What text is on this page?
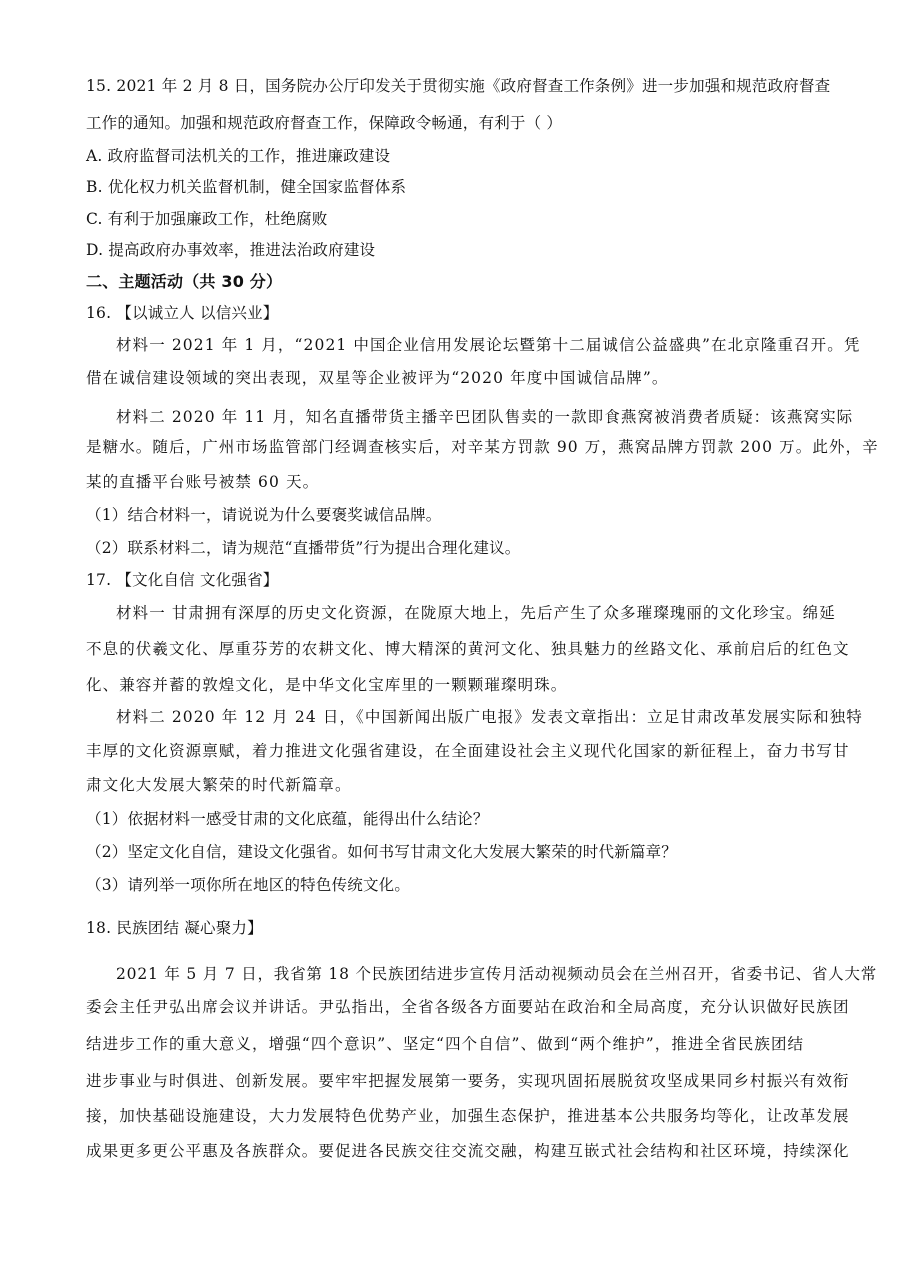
15. 2021 年 2 月 8 日，国务院办公厅印发关于贯彻实施《政府督查工作条例》进一步加强和规范政府督查
工作的通知。加强和规范政府督查工作，保障政令畅通，有利于（ ）
A. 政府监督司法机关的工作，推进廉政建设
B. 优化权力机关监督机制，健全国家监督体系
C. 有利于加强廉政工作，杜绝腐败
D. 提高政府办事效率，推进法治政府建设
二、主题活动（共 30 分）
16. 【以诚立人 以信兴业】
材料一 2021 年 1 月，“2021 中国企业信用发展论坛暨第十二届诚信公益盛典”在北京隆重召开。凭
借在诚信建设领域的突出表现，双星等企业被评为“2020 年度中国诚信品牌”。
材料二 2020 年 11 月，知名直播带货主播辛巴团队售卖的一款即食燕窝被消费者质疑：该燕窝实际
是糖水。随后，广州市场监管部门经调查核实后，对辛某方罚款 90 万，燕窝品牌方罚款 200 万。此外，辛
某的直播平台账号被禁 60 天。
（1）结合材料一，请说说为什么要褒奖诚信品牌。
（2）联系材料二，请为规范“直播带货”行为提出合理化建议。
17. 【文化自信 文化强省】
材料一 甘肃拥有深厚的历史文化资源，在陇原大地上，先后产生了众多璀璨瑰丽的文化珍宝。绵延
不息的伏羲文化、厚重芬芳的农耕文化、博大精深的黄河文化、独具魅力的丝路文化、承前启后的红色文
化、兼容并蓄的敦煌文化，是中华文化宝库里的一颗颗璀璨明珠。
材料二 2020 年 12 月 24 日，《中国新闻出版广电报》发表文章指出：立足甘肃改革发展实际和独特
丰厚的文化资源禀赋，着力推进文化强省建设，在全面建设社会主义现代化国家的新征程上，奋力书写甘
肃文化大发展大繁荣的时代新篇章。
（1）依据材料一感受甘肃的文化底蕴，能得出什么结论？
（2）坚定文化自信，建设文化强省。如何书写甘肃文化大发展大繁荣的时代新篇章？
（3）请列举一项你所在地区的特色传统文化。
18. 民族团结 凝心聚力】
2021 年 5 月 7 日，我省第 18 个民族团结进步宣传月活动视频动员会在兰州召开，省委书记、省人大常
委会主任尹弘出席会议并讲话。尹弘指出，全省各级各方面要站在政治和全局高度，充分认识做好民族团
结进步工作的重大意义，增强“四个意识”、坚定“四个自信”、做到“两个维护”，推进全省民族团结
进步事业与时俱进、创新发展。要牢牢把握发展第一要务，实现巩固拓展脱贫攻坚成果同乡村振兴有效衔
接，加快基础设施建设，大力发展特色优势产业，加强生态保护，推进基本公共服务均等化，让改革发展
成果更多更公平惠及各族群众。要促进各民族交往交流交融，构建互嵌式社会结构和社区环境，持续深化
